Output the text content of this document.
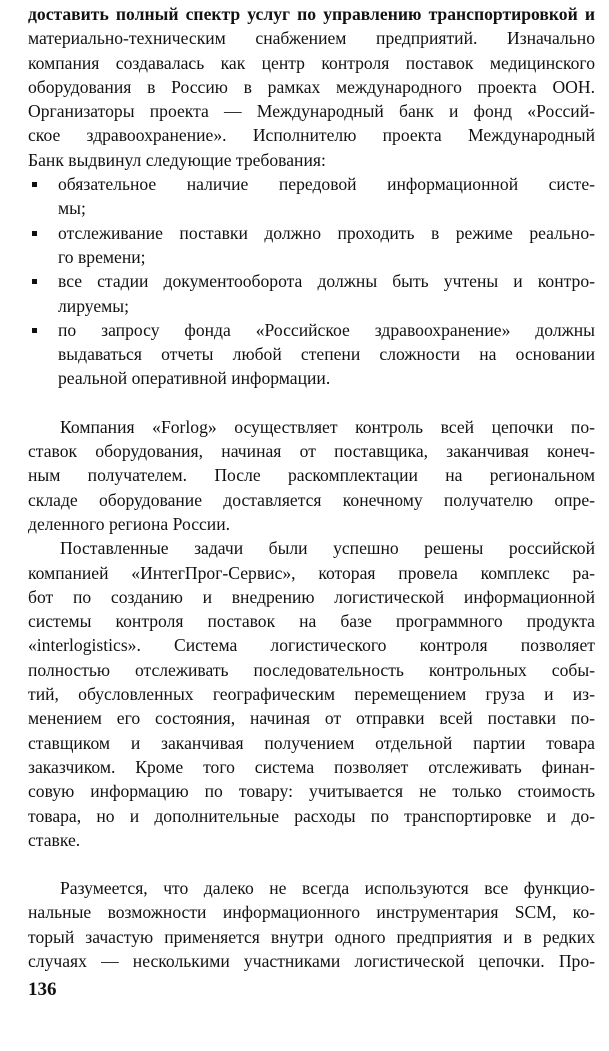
доставить полный спектр услуг по управлению транспортировкой и
материально-техническим снабжением предприятий. Изначально
компания создавалась как центр контроля поставок медицинского
оборудования в Россию в рамках международного проекта ООН.
Организаторы проекта — Международный банк и фонд «Россий-
ское здравоохранение». Исполнителю проекта Международный
Банк выдвинул следующие требования:
обязательное наличие передовой информационной систе-
мы;
отслеживание поставки должно проходить в режиме реально-
го времени;
все стадии документооборота должны быть учтены и контро-
лируемы;
по запросу фонда «Российское здравоохранение» должны
выдаваться отчеты любой степени сложности на основании
реальной оперативной информации.
Компания «Forlog» осуществляет контроль всей цепочки по-
ставок оборудования, начиная от поставщика, заканчивая конеч-
ным получателем. После раскомплектации на региональном
складе оборудование доставляется конечному получателю опре-
деленного региона России.
Поставленные задачи были успешно решены российской
компанией «ИнтегПрог-Сервис», которая провела комплекс ра-
бот по созданию и внедрению логистической информационной
системы контроля поставок на базе программного продукта
«interlogistics». Система логистического контроля позволяет
полностью отслеживать последовательность контрольных собы-
тий, обусловленных географическим перемещением груза и из-
менением его состояния, начиная от отправки всей поставки по-
ставщиком и заканчивая получением отдельной партии товара
заказчиком. Кроме того система позволяет отслеживать финан-
совую информацию по товару: учитывается не только стоимость
товара, но и дополнительные расходы по транспортировке и до-
ставке.
Разумеется, что далеко не всегда используются все функцио-
нальные возможности информационного инструментария SCM, ко-
торый зачастую применяется внутри одного предприятия и в редких
случаях — несколькими участниками логистической цепочки. Про-
136
